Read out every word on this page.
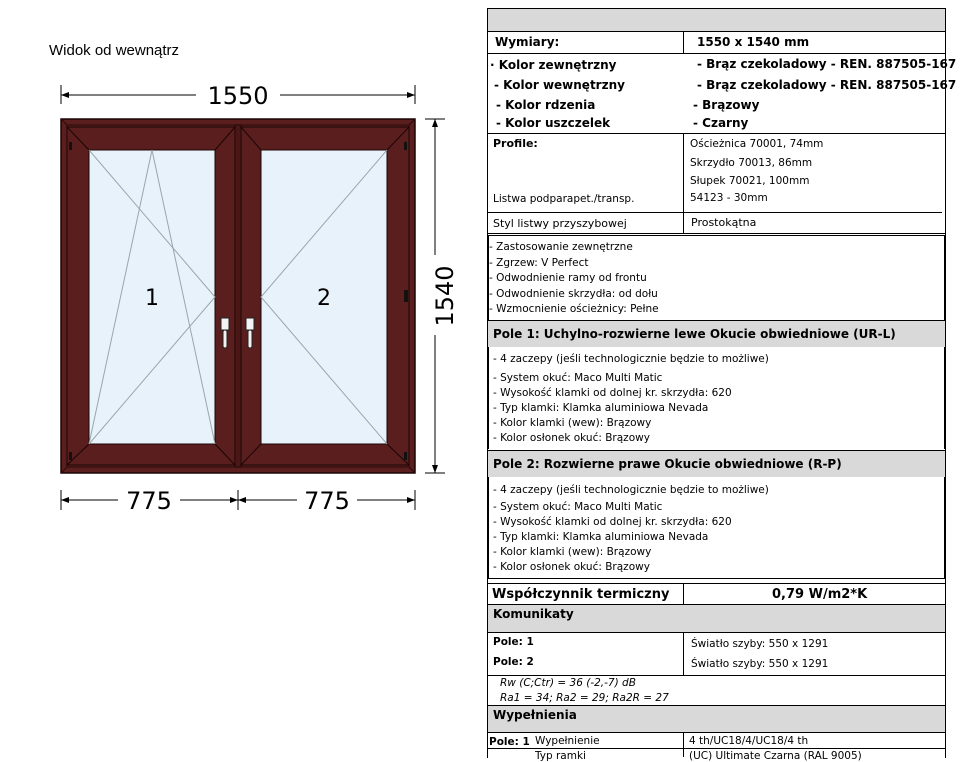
Widok od wewnątrz
1550
1540
775	775
1	2
Wymiary:	1550 x 1540 mm
· Kolor zewnętrzny	- Brąz czekoladowy - REN. 887505-167
- Kolor wewnętrzny	- Brąz czekoladowy - REN. 887505-167
- Kolor rdzenia	- Brązowy
- Kolor uszczelek	- Czarny
Profile:	Ościeżnica 70001, 74mm
Skrzydło 70013, 86mm
Słupek 70021, 100mm
Listwa podparapet./transp.	54123 - 30mm
Styl listwy przyszybowej	Prostokątna
- Zastosowanie zewnętrzne
- Zgrzew: V Perfect
- Odwodnienie ramy od frontu
- Odwodnienie skrzydła: od dołu
- Wzmocnienie ościeżnicy: Pełne
Pole 1: Uchylno-rozwierne lewe Okucie obwiedniowe (UR-L)
- 4 zaczepy (jeśli technologicznie będzie to możliwe)
- System okuć: Maco Multi Matic
- Wysokość klamki od dolnej kr. skrzydła: 620
- Typ klamki: Klamka aluminiowa Nevada
- Kolor klamki (wew): Brązowy
- Kolor osłonek okuć: Brązowy
Pole 2: Rozwierne prawe Okucie obwiedniowe (R-P)
- 4 zaczepy (jeśli technologicznie będzie to możliwe)
- System okuć: Maco Multi Matic
- Wysokość klamki od dolnej kr. skrzydła: 620
- Typ klamki: Klamka aluminiowa Nevada
- Kolor klamki (wew): Brązowy
- Kolor osłonek okuć: Brązowy
Współczynnik termiczny	0,79 W/m2*K
Komunikaty
Pole: 1	Światło szyby: 550 x 1291
Pole: 2	Światło szyby: 550 x 1291
Rw (C;Ctr) = 36 (-2,-7) dB
Ra1 = 34; Ra2 = 29; Ra2R = 27
Wypełnienia
Pole: 1 Wypełnienie	4 th/UC18/4/UC18/4 th
Typ ramki	(UC) Ultimate Czarna (RAL 9005)
